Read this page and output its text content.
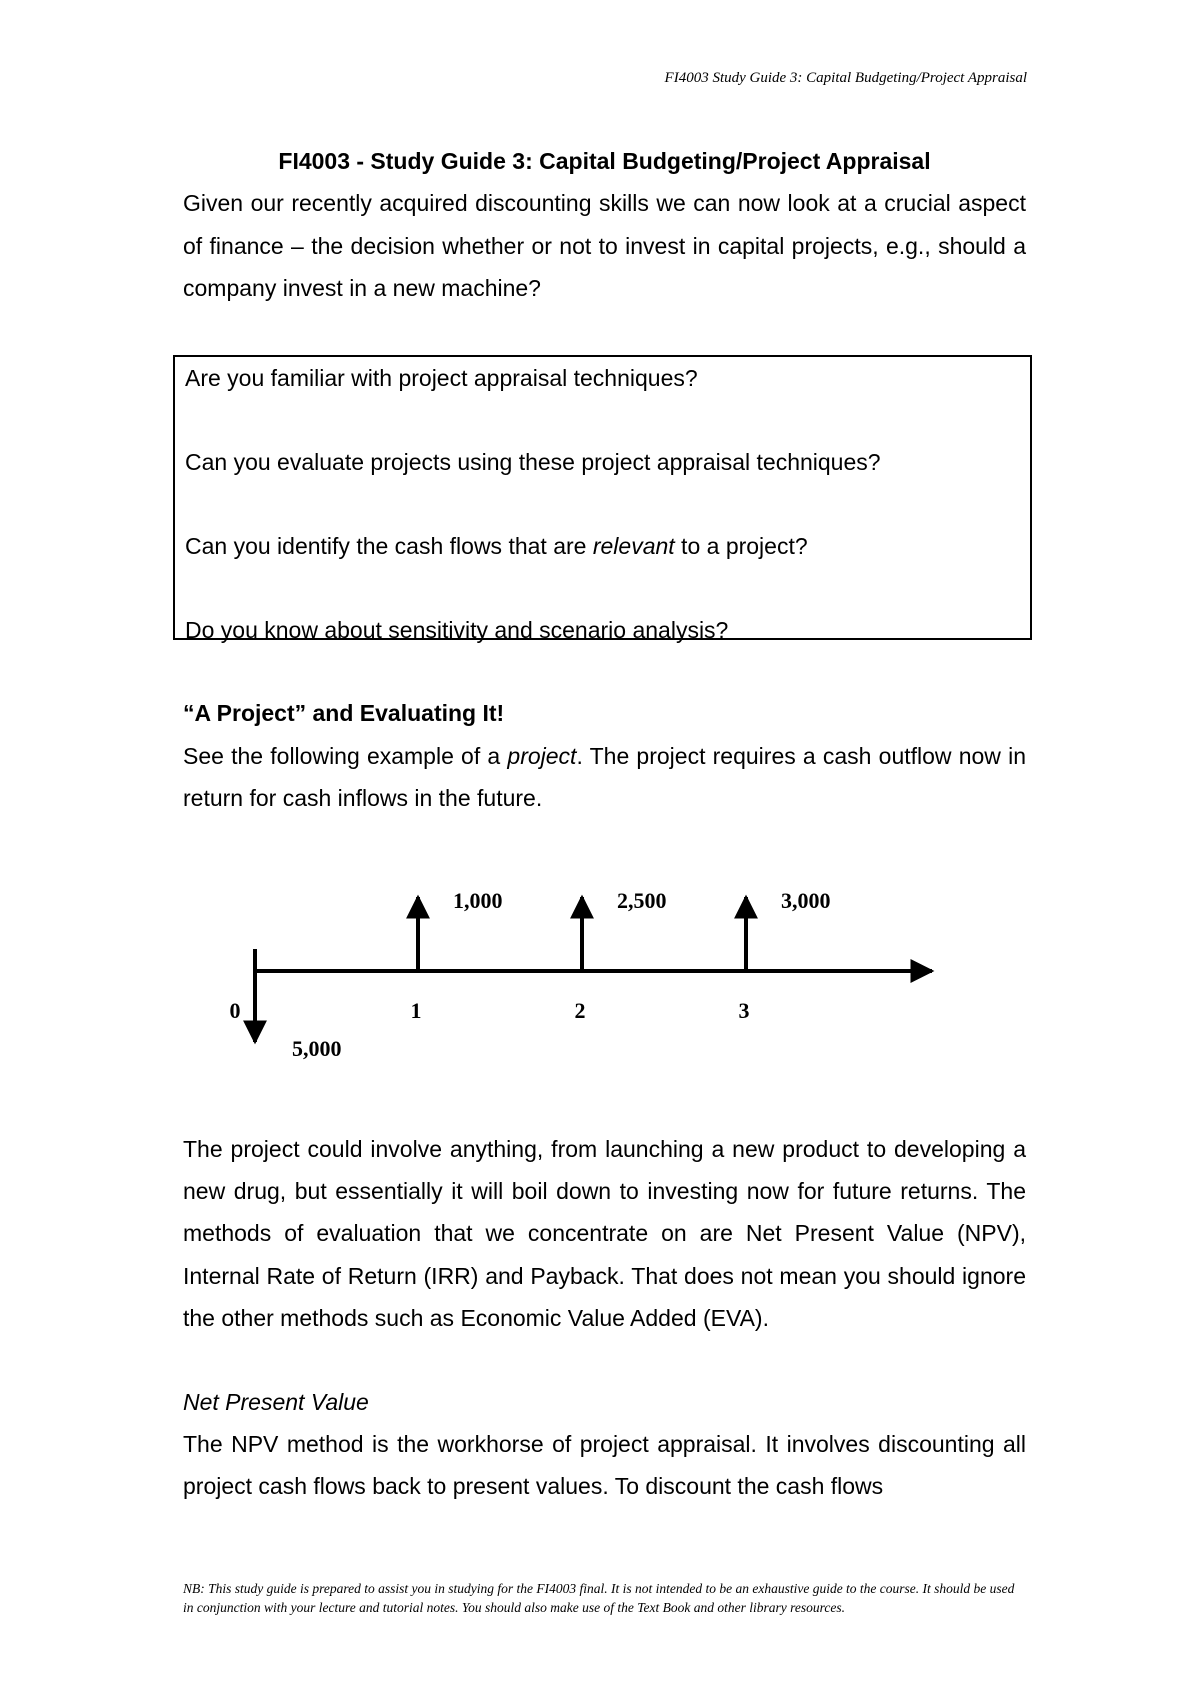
FI4003 Study Guide 3: Capital Budgeting/Project Appraisal

FI4003 - Study Guide 3: Capital Budgeting/Project Appraisal

Given our recently acquired discounting skills we can now look at a crucial aspect of finance – the decision whether or not to invest in capital projects, e.g., should a company invest in a new machine?

Are you familiar with project appraisal techniques?

Can you evaluate projects using these project appraisal techniques?

Can you identify the cash flows that are relevant to a project?

Do you know about sensitivity and scenario analysis?

“A Project” and Evaluating It!

See the following example of a project. The project requires a cash outflow now in return for cash inflows in the future.

0	1	2	3
1,000	2,500	3,000
5,000

The project could involve anything, from launching a new product to developing a new drug, but essentially it will boil down to investing now for future returns. The methods of evaluation that we concentrate on are Net Present Value (NPV), Internal Rate of Return (IRR) and Payback. That does not mean you should ignore the other methods such as Economic Value Added (EVA).

Net Present Value

The NPV method is the workhorse of project appraisal. It involves discounting all project cash flows back to present values. To discount the cash flows

NB: This study guide is prepared to assist you in studying for the FI4003 final. It is not intended to be an exhaustive guide to the course. It should be used in conjunction with your lecture and tutorial notes. You should also make use of the Text Book and other library resources.
